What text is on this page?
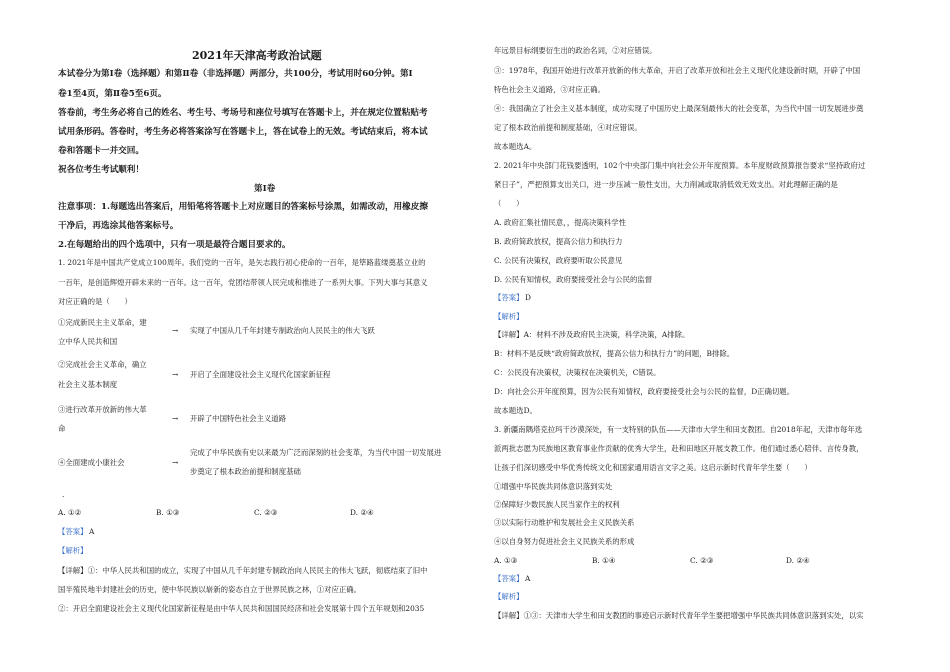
2021年天津高考政治试题
本试卷分为第Ⅰ卷（选择题）和第Ⅱ卷（非选择题）两部分，共100分，考试用时60分钟。第Ⅰ
卷1至4页，第Ⅱ卷5至6页。
答卷前，考生务必将自己的姓名、考生号、考场号和座位号填写在答题卡上，并在规定位置粘贴考
试用条形码。答卷时，考生务必将答案涂写在答题卡上，答在试卷上的无效。考试结束后，将本试
卷和答题卡一并交回。
祝各位考生考试顺利！
第Ⅰ卷
注意事项：1.每题选出答案后，用铅笔将答题卡上对应题目的答案标号涂黑，如需改动，用橡皮擦
干净后，再选涂其他答案标号。
2.在每题给出的四个选项中，只有一项是最符合题目要求的。
1. 2021年是中国共产党成立100周年。我们党的一百年，是矢志践行初心使命的一百年，是筚路蓝缕奠基立业的
一百年，是创造辉煌开辟未来的一百年。这一百年，党团结带领人民完成和推进了一系列大事。下列大事与其意义
对应正确的是（　　）
①完成新民主主义革命，建
立中华人民共和国
→ 实现了中国从几千年封建专制政治向人民民主的伟大飞跃
②完成社会主义革命，确立
社会主义基本制度
→ 开启了全面建设社会主义现代化国家新征程
③进行改革开放新的伟大革
命
→ 开辟了中国特色社会主义道路
④全面建成小康社会	→
完成了中华民族有史以来最为广泛而深刻的社会变革，为当代中国一切发展进
步奠定了根本政治前提和制度基础
·
A. ①②	B. ①③	C. ②③	D. ②④
【答案】 A
【解析】
【详解】①：中华人民共和国的成立，实现了中国从几千年封建专制政治向人民民主的伟大飞跃，彻底结束了旧中
国半殖民地半封建社会的历史，使中华民族以崭新的姿态自立于世界民族之林，①对应正确。
②：开启全面建设社会主义现代化国家新征程是由中华人民共和国国民经济和社会发展第十四个五年规划和2035
年远景目标纲要衍生出的政治名词，②对应错误。
③：1978年，我国开始进行改革开放新的伟大革命，开启了改革开放和社会主义现代化建设新时期，开辟了中国
特色社会主义道路，③对应正确。
④：我国确立了社会主义基本制度，成功实现了中国历史上最深刻最伟大的社会变革，为当代中国一切发展进步奠
定了根本政治前提和制度基础，④对应错误。
故本题选A。
2. 2021年中央部门花钱要透明，102个中央部门集中向社会公开年度预算。本年度财政预算报告要求“坚持政府过
紧日子”，严把预算支出关口，进一步压减一般性支出，大力削减或取消低效无效支出。对此理解正确的是
（　　）
A. 政府汇集社情民意，，提高决策科学性
B. 政府简政放权，提高公信力和执行力
C. 公民有决策权，政府要听取公民意见
D. 公民有知情权，政府要接受社会与公民的监督
【答案】 D
【解析】
【详解】A：材料不涉及政府民主决策，科学决策，A排除。
B：材料不是反映“政府简政放权，提高公信力和执行力”的问题，B排除。
C：公民没有决策权，决策权在决策机关，C错误。
D：向社会公开年度预算，因为公民有知情权，政府要接受社会与公民的监督，D正确切题。
故本题选D。
3. 新疆南隅塔克拉玛干沙漠深处，有一支特别的队伍——天津市大学生和田支教团。自2018年起，天津市每年选
派两批志愿为民族地区教育事业作贡献的优秀大学生，赴和田地区开展支教工作。他们通过悉心陪伴、言传身教，
让孩子们深切感受中华优秀传统文化和国家通用语言文字之美。这启示新时代青年学生要（　　）
①增强中华民族共同体意识落到实处
②保障好少数民族人民当家作主的权利
③以实际行动维护和发展社会主义民族关系
④以自身努力促进社会主义民族关系的形成
A. ①③	B. ①④	C. ②③	D. ②④
【答案】 A
【解析】
【详解】①③：天津市大学生和田支教团的事迹启示新时代青年学生要把增强中华民族共同体意识落到实处，以实
